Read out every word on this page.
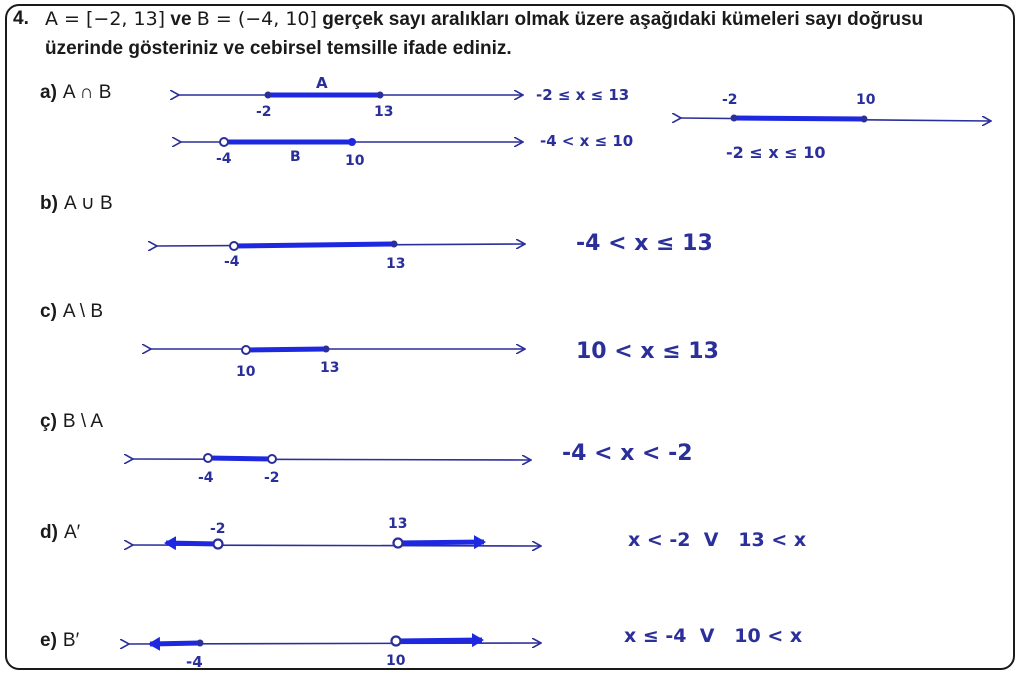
4. A = [−2, 13] ve B = (−4, 10] gerçek sayı aralıkları olmak üzere aşağıdaki kümeleri sayı doğrusu
üzerinde gösteriniz ve cebirsel temsille ifade ediniz.
a) A ∩ B
b) A ∪ B
c) A \ B
ç) B \ A
d) A′
e) B′
A
-2	13
-2 ≤ x ≤ 13
-4	B	10
-4 < x ≤ 10
-2	10
-2 ≤ x ≤ 10
-4	13
-4 < x ≤ 13
10	13
10 < x ≤ 13
-4	-2
-4 < x < -2
-2	13
x < -2  V   13 < x
-4	10
x ≤ -4  V   10 < x
